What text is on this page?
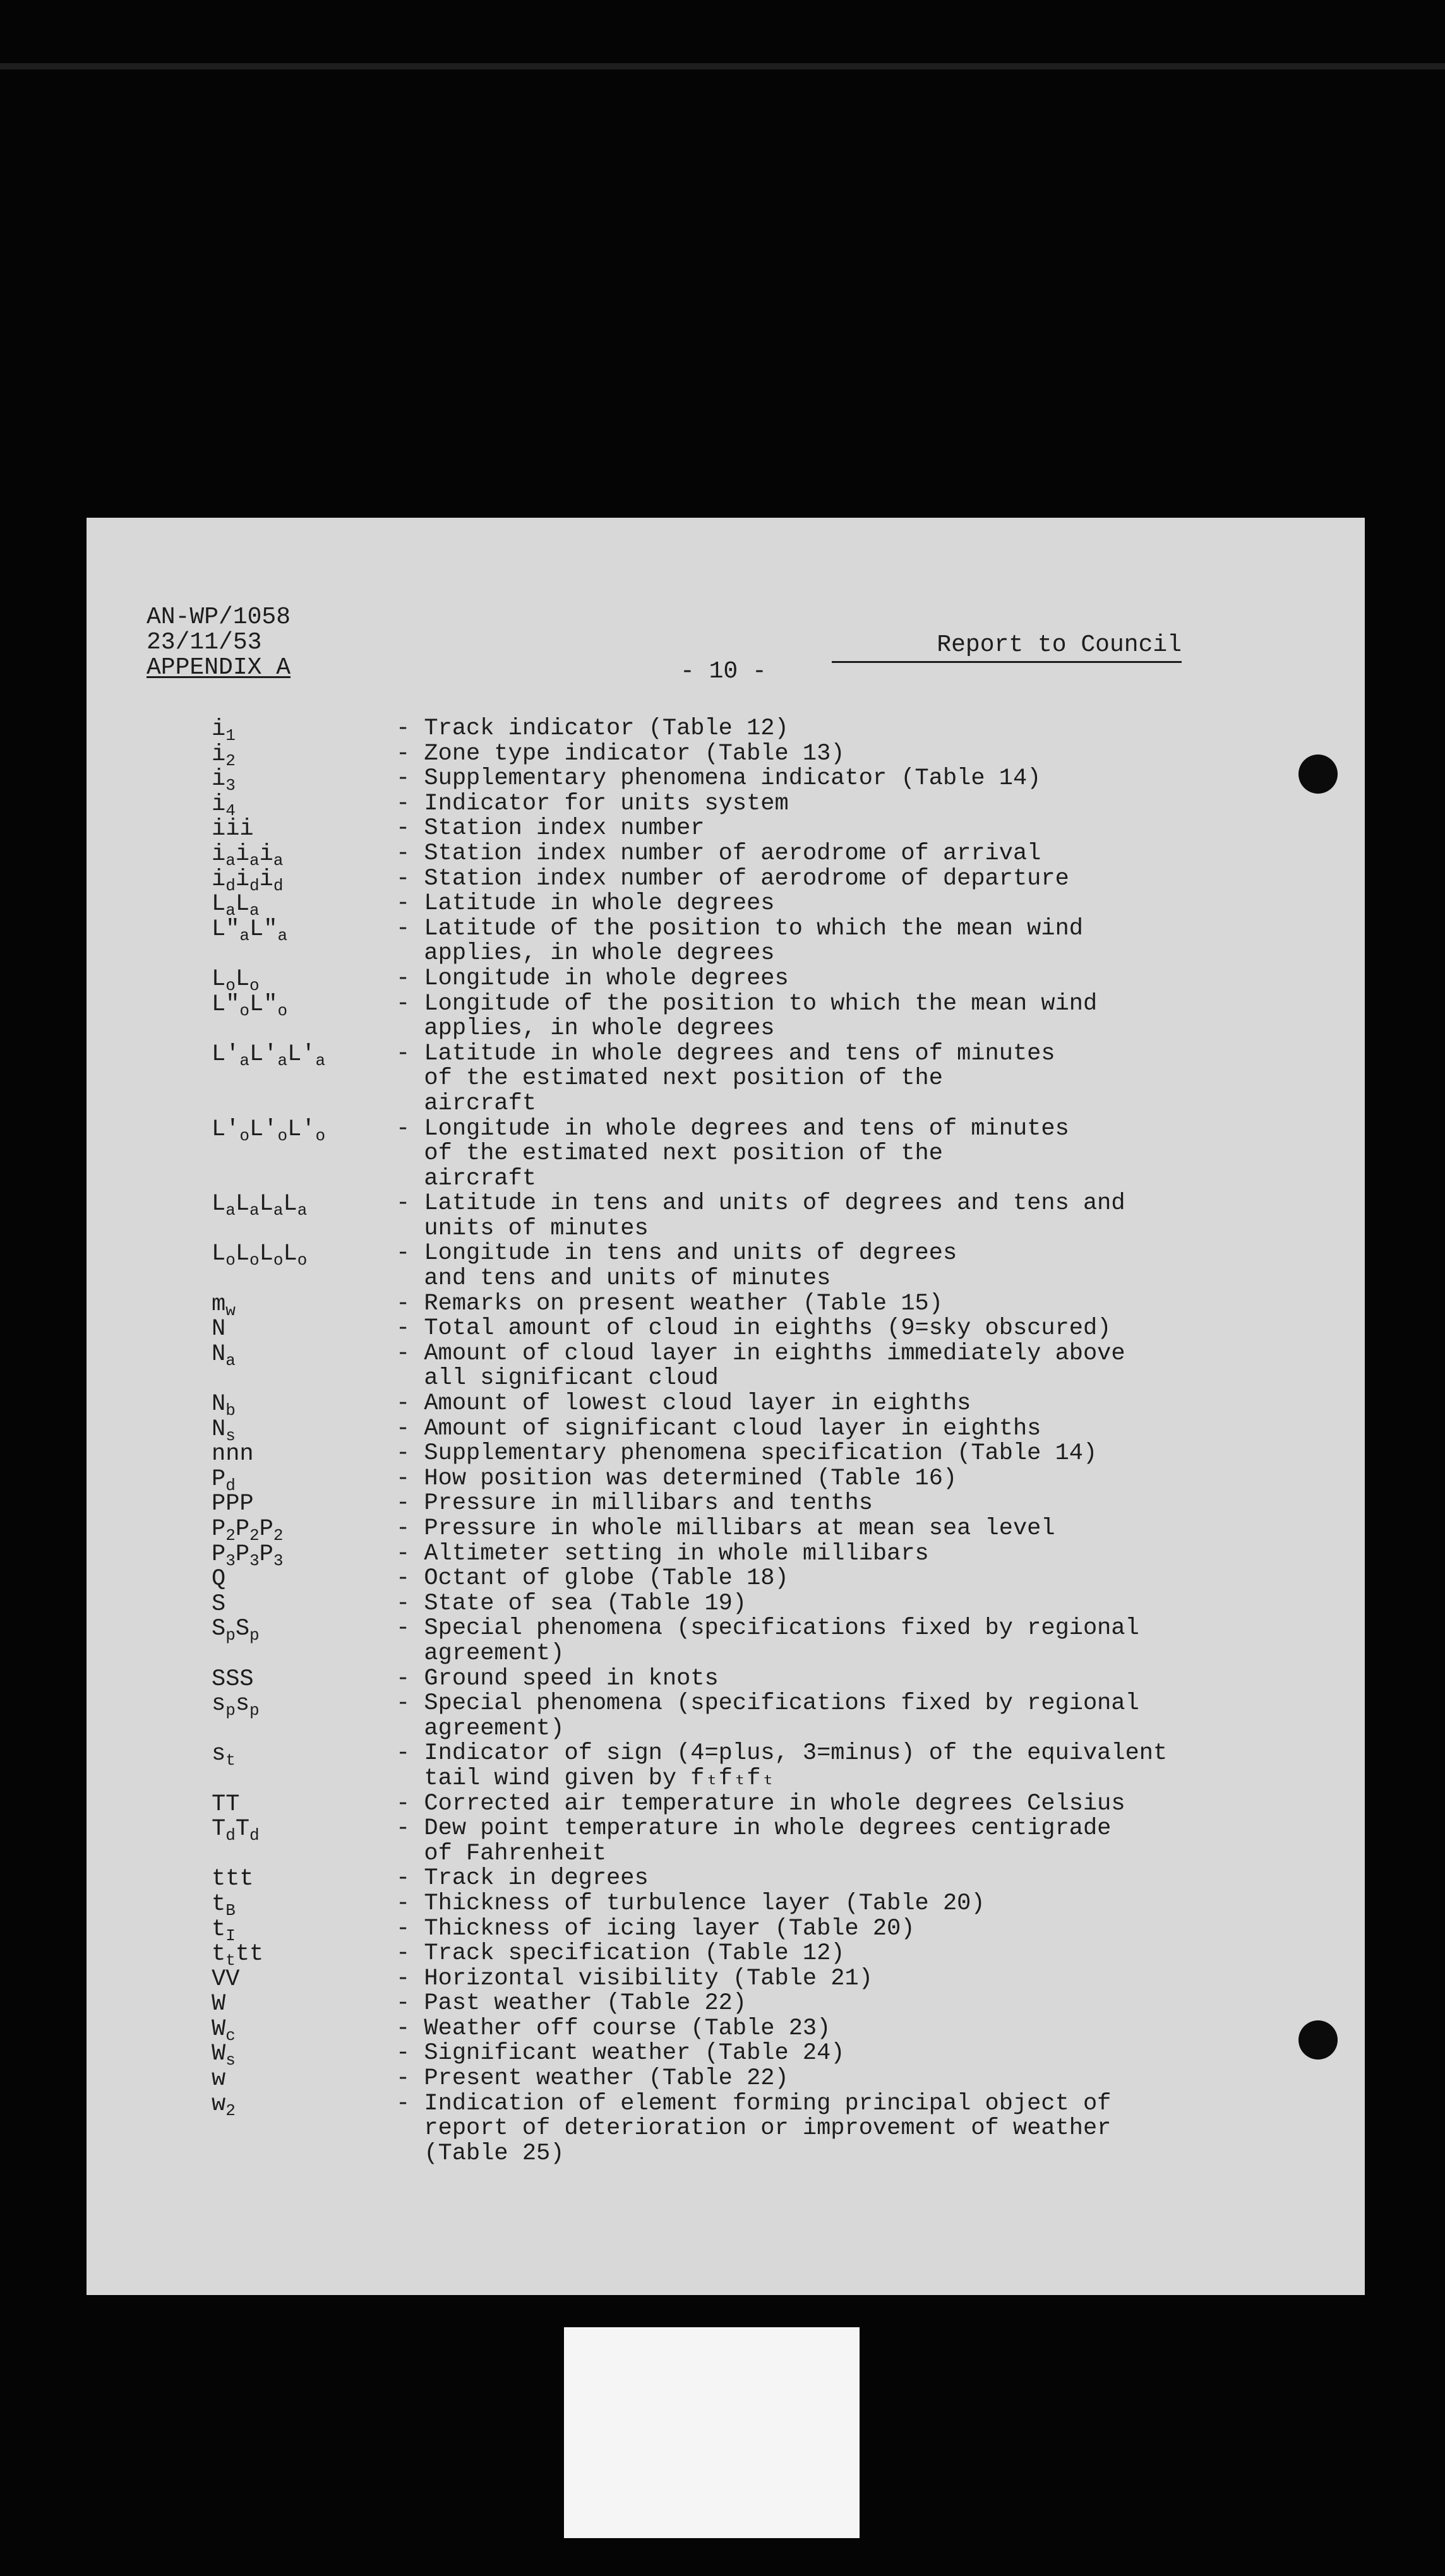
AN-WP/1058
23/11/53
APPENDIX A	- 10 -
Report to Council
$i_1$	- Track indicator (Table 12)
$i_2$	- Zone type indicator (Table 13)
$i_3$	- Supplementary phenomena indicator (Table 14)
$i_4$	- Indicator for units system
iii	- Station index number
$i_ai_ai_a$	- Station index number of aerodrome of arrival
$i_di_di_d$	- Station index number of aerodrome of departure
$L_aL_a$	- Latitude in whole degrees
$L"_aL"_a$	- Latitude of the position to which the mean wind
applies, in whole degrees
$L_oL_o$	- Longitude in whole degrees
$L"_oL"_o$	- Longitude of the position to which the mean wind
applies, in whole degrees
$L'_aL'_aL'_a$	- Latitude in whole degrees and tens of minutes
of the estimated next position of the
aircraft
$L'_oL'_oL'_o$	- Longitude in whole degrees and tens of minutes
of the estimated next position of the
aircraft
$L_aL_aL_aL_a$	- Latitude in tens and units of degrees and tens and
units of minutes
$L_oL_oL_oL_o$	- Longitude in tens and units of degrees
and tens and units of minutes
$m_w$	- Remarks on present weather (Table 15)
N	- Total amount of cloud in eighths (9=sky obscured)
$N_a$	- Amount of cloud layer in eighths immediately above
all significant cloud
$N_b$	- Amount of lowest cloud layer in eighths
$N_s$	- Amount of significant cloud layer in eighths
nnn	- Supplementary phenomena specification (Table 14)
$P_d$	- How position was determined (Table 16)
PPP	- Pressure in millibars and tenths
$P_2P_2P_2$	- Pressure in whole millibars at mean sea level
$P_3P_3P_3$	- Altimeter setting in whole millibars
Q	- Octant of globe (Table 18)
S	- State of sea (Table 19)
$S_pS_p$	- Special phenomena (specifications fixed by regional
agreement)
SSS	- Ground speed in knots
$s_ps_p$	- Special phenomena (specifications fixed by regional
agreement)
$s_t$	- Indicator of sign (4=plus, 3=minus) of the equivalent
tail wind given by fₜfₜfₜ
TT	- Corrected air temperature in whole degrees Celsius
$T_dT_d$	- Dew point temperature in whole degrees centigrade
of Fahrenheit
ttt	- Track in degrees
$t_B$	- Thickness of turbulence layer (Table 20)
$t_I$	- Thickness of icing layer (Table 20)
$t_ttt$	- Track specification (Table 12)
VV	- Horizontal visibility (Table 21)
W	- Past weather (Table 22)
$W_c$	- Weather off course (Table 23)
$W_s$	- Significant weather (Table 24)
w	- Present weather (Table 22)
$w_2$	- Indication of element forming principal object of
report of deterioration or improvement of weather
(Table 25)
